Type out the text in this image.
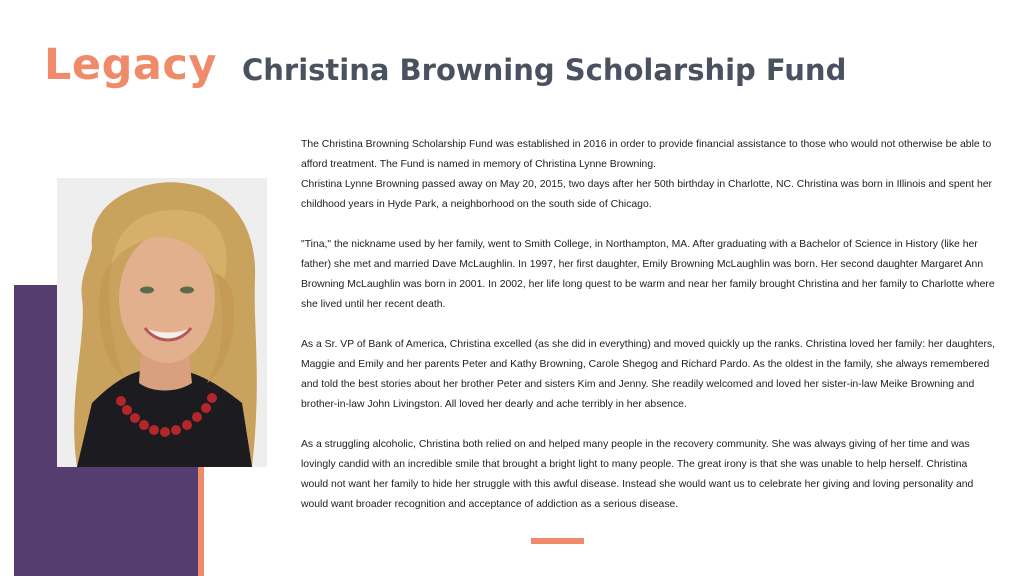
Legacy Christina Browning Scholarship Fund

The Christina Browning Scholarship Fund was established in 2016 in order to provide financial assistance to those who would not otherwise be able to afford treatment. The Fund is named in memory of Christina Lynne Browning.

Christina Lynne Browning passed away on May 20, 2015, two days after her 50th birthday in Charlotte, NC. Christina was born in Illinois and spent her childhood years in Hyde Park, a neighborhood on the south side of Chicago.

"Tina," the nickname used by her family, went to Smith College, in Northampton, MA. After graduating with a Bachelor of Science in History (like her father) she met and married Dave McLaughlin. In 1997, her first daughter, Emily Browning McLaughlin was born. Her second daughter Margaret Ann Browning McLaughlin was born in 2001. In 2002, her life long quest to be warm and near her family brought Christina and her family to Charlotte where she lived until her recent death.

As a Sr. VP of Bank of America, Christina excelled (as she did in everything) and moved quickly up the ranks. Christina loved her family: her daughters, Maggie and Emily and her parents Peter and Kathy Browning, Carole Shegog and Richard Pardo. As the oldest in the family, she always remembered and told the best stories about her brother Peter and sisters Kim and Jenny. She readily welcomed and loved her sister-in-law Meike Browning and brother-in-law John Livingston. All loved her dearly and ache terribly in her absence.

As a struggling alcoholic, Christina both relied on and helped many people in the recovery community. She was always giving of her time and was lovingly candid with an incredible smile that brought a bright light to many people. The great irony is that she was unable to help herself. Christina would not want her family to hide her struggle with this awful disease. Instead she would want us to celebrate her giving and loving personality and would want broader recognition and acceptance of addiction as a serious disease.
